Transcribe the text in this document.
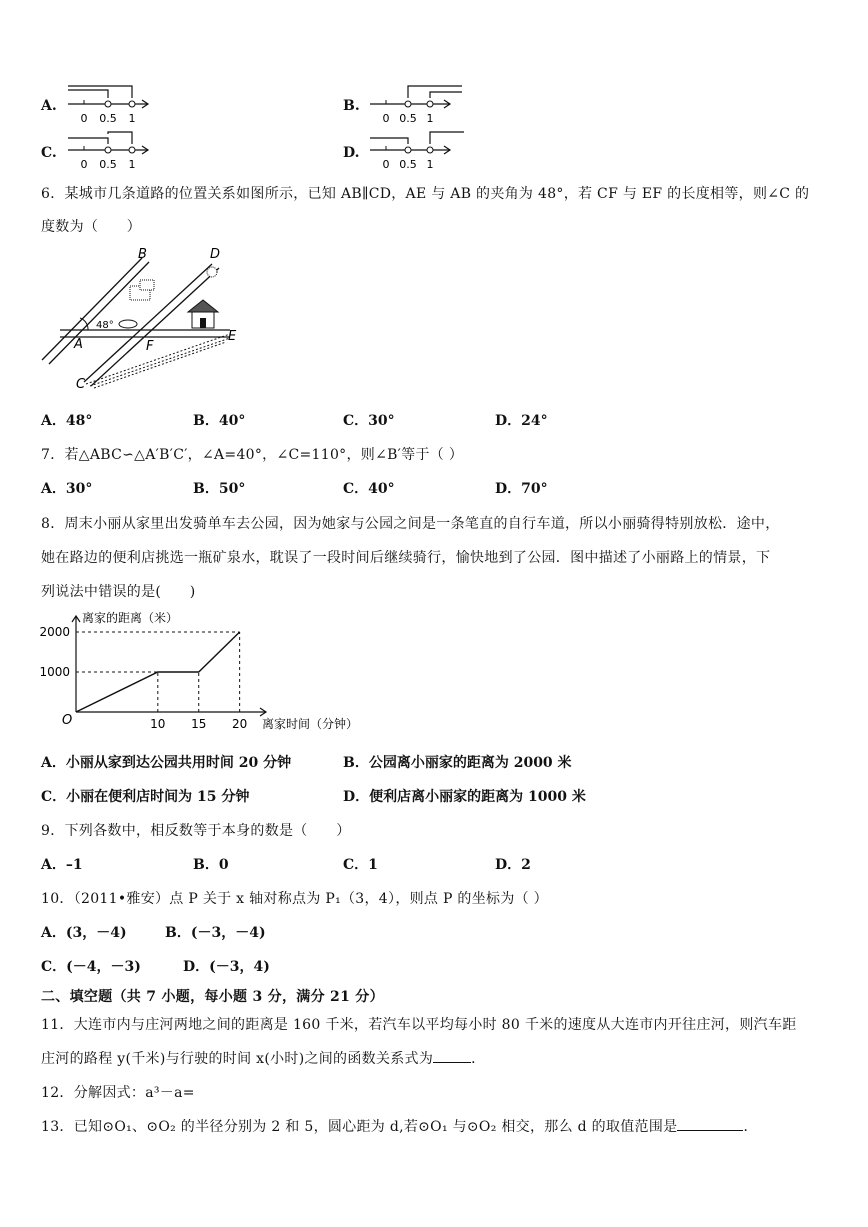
A.
0 0.5 1
B.
0 0.5 1
C.
0 0.5 1
D.
0 0.5 1
6．某城市几条道路的位置关系如图所示，已知 AB∥CD，AE 与 AB 的夹角为 48°，若 CF 与 EF 的长度相等，则∠C 的
度数为（　　）
48°
B	D
A	F
E
C
A．48°	B．40°	C．30°	D．24°
7．若△ABC∽△A′B′C′，∠A=40°，∠C=110°，则∠B′等于（ ）
A．30°	B．50°	C．40°	D．70°
8．周末小丽从家里出发骑单车去公园，因为她家与公园之间是一条笔直的自行车道，所以小丽骑得特别放松．途中，
她在路边的便利店挑选一瓶矿泉水，耽误了一段时间后继续骑行，愉快地到了公园．图中描述了小丽路上的情景，下
列说法中错误的是(　　)
离家的距离（米）
离家时间（分钟）
O
1000
2000
10 15 20
A．小丽从家到达公园共用时间 20 分钟	B．公园离小丽家的距离为 2000 米
C．小丽在便利店时间为 15 分钟	D．便利店离小丽家的距离为 1000 米
9．下列各数中，相反数等于本身的数是（　　）
A．–1	B．0	C．1	D．2
10．（2011•雅安）点 P 关于 x 轴对称点为 P₁（3，4），则点 P 的坐标为（ ）
A．(3，－4)	B．(－3，－4)
C．(－4，－3)	D．(－3，4)
二、填空题（共 7 小题，每小题 3 分，满分 21 分）
11．大连市内与庄河两地之间的距离是 160 千米，若汽车以平均每小时 80 千米的速度从大连市内开往庄河，则汽车距
庄河的路程 y(千米)与行驶的时间 x(小时)之间的函数关系式为	．
12．分解因式：a³－a=
13．已知⊙O₁、⊙O₂ 的半径分别为 2 和 5，圆心距为 d,若⊙O₁ 与⊙O₂ 相交，那么 d 的取值范围是	．
